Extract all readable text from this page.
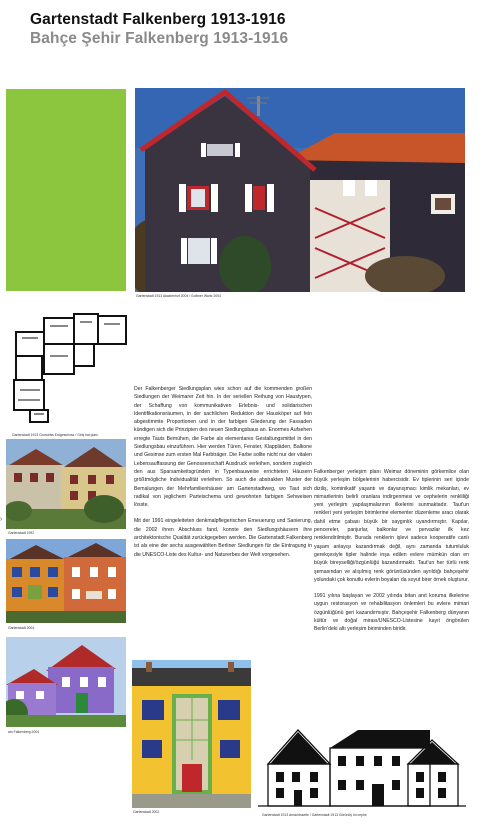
Gartenstadt Falkenberg 1913-1916
Bahçe Şehir Falkenberg 1913-1916
Gartenstadt 1913 Akazienhof 2004 / Gollmer Wartz 2004
Gartenstadt 1913 Grundriss Erdgeschoss / Giriş kat planı
Gartenstadt 1992
Gartenstadt 2004
am Falkenberg 2004
Gartenstadt 2002
Gartenstadt 1913 Ansichtsseite / Gartenstadt 1913 Görünüş ön cephe

Der Falkenberger Siedlungsplan wies schon auf die kommenden großen Siedlungen der Weimarer Zeit hin. In der seriellen Reihung von Haustypen, der Schaffung von kommunikativen Erlebnis- und solidarischen Identifikationsräumen, in der sachlichen Reduktion der Hausköper auf fein abgestimmte Proportionen und in der farbigen Gliederung der Fassaden kündigen sich die Prinzipien des neuen Siedlungsbaus an. Enormes Aufsehen erregte Tauts Bemühen, die Farbe als elementares Gestaltungsmittel in den Siedlungsbau einzuführen. Hier werden Türen, Fenster, Klappläden, Balkone und Gesimse zum ersten Mal Farbträger. Die Farbe sollte nicht nur der vitalen Lebensauffassung der Genossenschaft Ausdruck verleihen, sondern zugleich den aus Sparsamkeitsgründen in Typenbauweise errichteten Häusern größtmögliche Individualität verleihen. So auch die abstrakten Muster der Bemalungen der Mehrfamilienhäuser am Gartenstadtweg, wo Taut sich radikal von jeglichem Parteischema und gewohnten farbigen Sehweisen lösste.

Mit der 1991 eingeleiteten denkmalpflegerischen Erneuerung und Sanierung, die 2002 ihren Abschluss fand, konnte den Siedlungshäusern ihre architektonische Qualität zurückgegeben werden. Die Gartenstadt Falkenberg ist als eine der sechs ausgewählten Berliner Siedlungen für die Eintragung in die UNESCO-Liste des Kultur- und Naturerbes der Welt vorgesehen.

Falkenberger yerleşim planı Weimar döneminin görkemlice olan büyük yerleşim bölgelerinin habercisidir. Ev tiplerinin seri içinde diziliş, kominikatif yaşantı ve dayanışmacı kimlik mekanları, ev mimarilerinin belirli oranlara indirgenmesi ve cephelerin renkliliği yeni yerleşim yapılaşmalarının ilkelerini sunmaktadır. Taut'un renkleri yeni yerleşim birimlerine elementer düzenleme aracı olarak dahil etme çabası büyük bir saygınlık uyandırmıştır. Kapılar, pencereler, panjurlar, balkonlar ve pervazlar ilk kez renklendirilmiştir. Burada renklerin işlevi sadece kooperatife canlı yaşam anlayışı kazandırmak değil, aynı zamanda tutumluluk gerekçesiyle tipler halinde inşa edilen evlere mümkün olan en büyük bireyselliği/özgünlüğü kazandırmaktı. Taut'un her türlü renk şemasından ve alışılmış renk görüntüsünden ayrıldığı bahçeşehir yolundaki çok konutlu evlerin boyaları da soyut birer örnek oluşturur.

1991 yılına başlayan ve 2002 yılında bitan anıt koruma ilkelerine uygun restorasyon ve rehabilitasyon önlemleri bu evlere mimari özgünlüğünü geri kazandırmıştır. Bahçeşehir Falkenberg dünyanın kültür ve doğal mirası/UNESCO-Listesine kayıt öngörülen Berlin'deki altı yerleşim biriminden biridir.

›
